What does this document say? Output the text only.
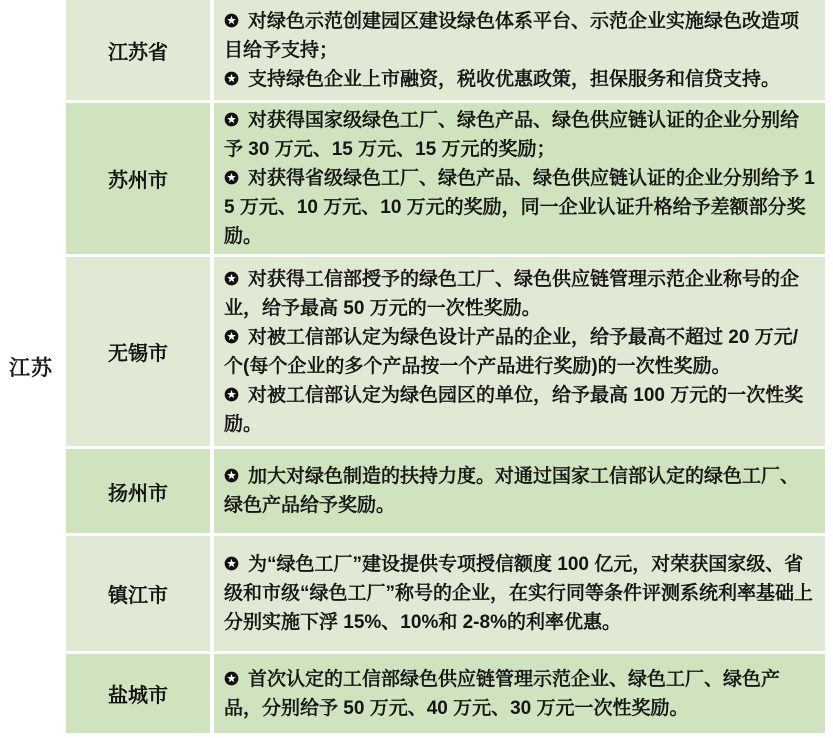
江苏
江苏省

对绿色示范创建园区建设绿色体系平台、示范企业实施绿色改造项目给予支持；

支持绿色企业上市融资，税收优惠政策，担保服务和信贷支持。

苏州市

对获得国家级绿色工厂、绿色产品、绿色供应链认证的企业分别给予 30 万元、15 万元、15 万元的奖励；

对获得省级绿色工厂、绿色产品、绿色供应链认证的企业分别给予 15 万元、10 万元、10 万元的奖励，同一企业认证升格给予差额部分奖励。

无锡市

对获得工信部授予的绿色工厂、绿色供应链管理示范企业称号的企业，给予最高 50 万元的一次性奖励。

对被工信部认定为绿色设计产品的企业，给予最高不超过 20 万元/个(每个企业的多个产品按一个产品进行奖励)的一次性奖励。

对被工信部认定为绿色园区的单位，给予最高 100 万元的一次性奖励。

扬州市

加大对绿色制造的扶持力度。对通过国家工信部认定的绿色工厂、绿色产品给予奖励。

镇江市

为“绿色工厂”建设提供专项授信额度 100 亿元，对荣获国家级、省级和市级“绿色工厂”称号的企业，在实行同等条件评测系统利率基础上分别实施下浮 15%、10%和 2-8%的利率优惠。

盐城市

首次认定的工信部绿色供应链管理示范企业、绿色工厂、绿色产品，分别给予 50 万元、40 万元、30 万元一次性奖励。
